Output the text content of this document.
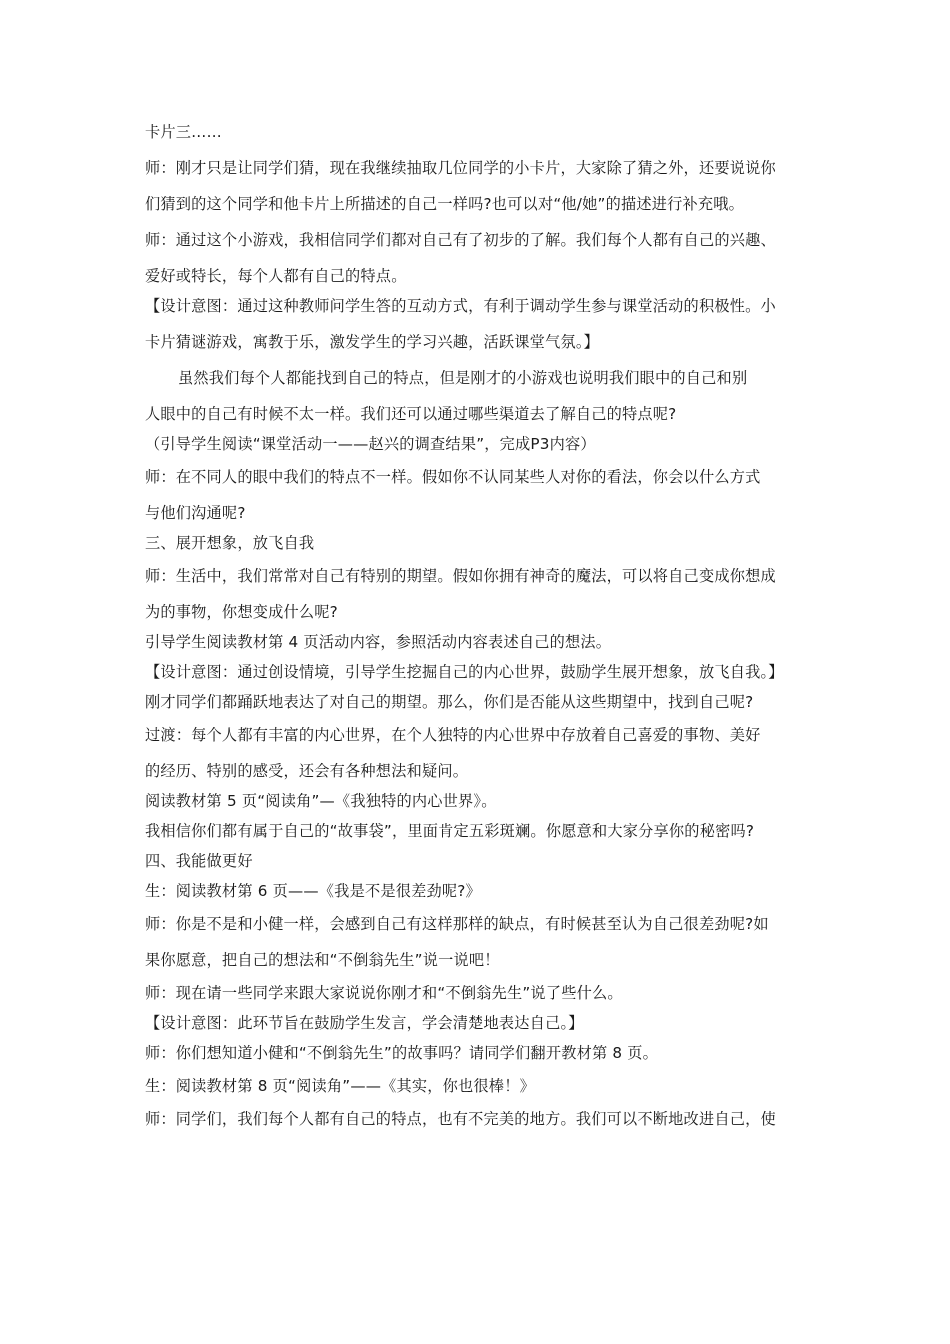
卡片三……
师：刚才只是让同学们猜，现在我继续抽取几位同学的小卡片，大家除了猜之外，还要说说你
们猜到的这个同学和他卡片上所描述的自己一样吗?也可以对“他/她”的描述进行补充哦。
师：通过这个小游戏，我相信同学们都对自己有了初步的了解。我们每个人都有自己的兴趣、
爱好或特长，每个人都有自己的特点。
【设计意图：通过这种教师问学生答的互动方式，有利于调动学生参与课堂活动的积极性。小
卡片猜谜游戏，寓教于乐，激发学生的学习兴趣，活跃课堂气氛。】
虽然我们每个人都能找到自己的特点，但是刚才的小游戏也说明我们眼中的自己和别
人眼中的自己有时候不太一样。我们还可以通过哪些渠道去了解自己的特点呢?
（引导学生阅读“课堂活动一——赵兴的调查结果”，完成P3内容）
师：在不同人的眼中我们的特点不一样。假如你不认同某些人对你的看法，你会以什么方式
与他们沟通呢?
三、展开想象，放飞自我
师：生活中，我们常常对自己有特别的期望。假如你拥有神奇的魔法，可以将自己变成你想成
为的事物，你想变成什么呢?
引导学生阅读教材第 4 页活动内容，参照活动内容表述自己的想法。
【设计意图：通过创设情境，引导学生挖掘自己的内心世界，鼓励学生展开想象，放飞自我。】
刚才同学们都踊跃地表达了对自己的期望。那么，你们是否能从这些期望中，找到自己呢?
过渡：每个人都有丰富的内心世界，在个人独特的内心世界中存放着自己喜爱的事物、美好
的经历、特别的感受，还会有各种想法和疑问。
阅读教材第 5 页“阅读角”—《我独特的内心世界》。
我相信你们都有属于自己的“故事袋”，里面肯定五彩斑斓。你愿意和大家分享你的秘密吗?
四、我能做更好
生：阅读教材第 6 页——《我是不是很差劲呢?》
师：你是不是和小健一样，会感到自己有这样那样的缺点，有时候甚至认为自己很差劲呢?如
果你愿意，把自己的想法和“不倒翁先生”说一说吧！
师：现在请一些同学来跟大家说说你刚才和“不倒翁先生”说了些什么。
【设计意图：此环节旨在鼓励学生发言，学会清楚地表达自己。】
师：你们想知道小健和“不倒翁先生”的故事吗？请同学们翻开教材第 8 页。
生：阅读教材第 8 页“阅读角”——《其实，你也很棒！》
师：同学们，我们每个人都有自己的特点，也有不完美的地方。我们可以不断地改进自己，使
